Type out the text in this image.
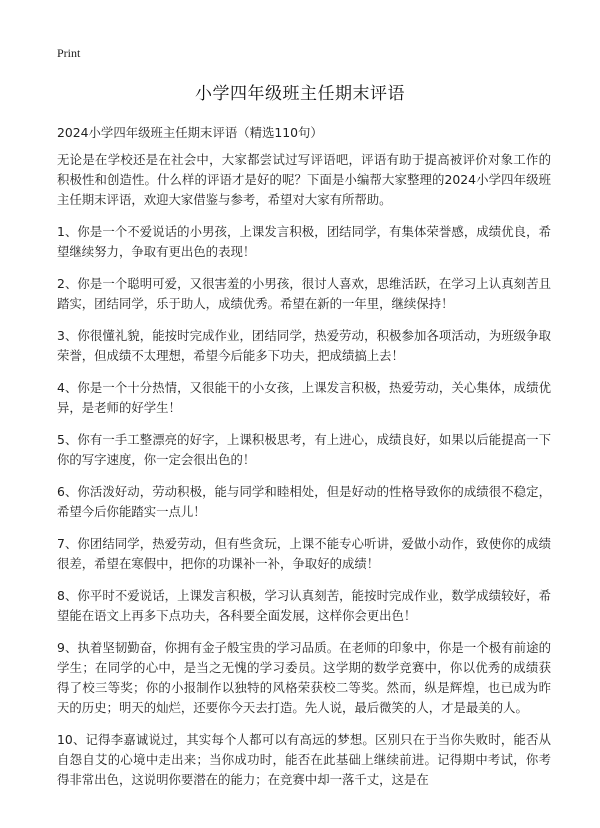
Print
小学四年级班主任期末评语
2024小学四年级班主任期末评语（精选110句）

无论是在学校还是在社会中，大家都尝试过写评语吧，评语有助于提高被评价对象工作的积极性和创造性。什么样的评语才是好的呢？下面是小编帮大家整理的2024小学四年级班主任期末评语，欢迎大家借鉴与参考，希望对大家有所帮助。

1、你是一个不爱说话的小男孩，上课发言积极，团结同学，有集体荣誉感，成绩优良，希望继续努力，争取有更出色的表现！

2、你是一个聪明可爱，又很害羞的小男孩，很讨人喜欢，思维活跃，在学习上认真刻苦且踏实，团结同学，乐于助人，成绩优秀。希望在新的一年里，继续保持！

3、你很懂礼貌，能按时完成作业，团结同学，热爱劳动，积极参加各项活动，为班级争取荣誉，但成绩不太理想，希望今后能多下功夫，把成绩搞上去！

4、你是一个十分热情，又很能干的小女孩，上课发言积极，热爱劳动，关心集体，成绩优异，是老师的好学生！

5、你有一手工整漂亮的好字，上课积极思考，有上进心，成绩良好，如果以后能提高一下你的写字速度，你一定会很出色的！

6、你活泼好动，劳动积极，能与同学和睦相处，但是好动的性格导致你的成绩很不稳定，希望今后你能踏实一点儿！

7、你团结同学，热爱劳动，但有些贪玩，上课不能专心听讲，爱做小动作，致使你的成绩很差，希望在寒假中，把你的功课补一补，争取好的成绩！

8、你平时不爱说话，上课发言积极，学习认真刻苦，能按时完成作业，数学成绩较好，希望能在语文上再多下点功夫，各科要全面发展，这样你会更出色！

9、执着坚韧勤奋，你拥有金子般宝贵的学习品质。在老师的印象中，你是一个极有前途的学生；在同学的心中，是当之无愧的学习委员。这学期的数学竞赛中，你以优秀的成绩获得了校三等奖；你的小报制作以独特的风格荣获校二等奖。然而，纵是辉煌，也已成为昨天的历史；明天的灿烂，还要你今天去打造。先人说，最后微笑的人，才是最美的人。

10、记得李嘉诚说过，其实每个人都可以有高远的梦想。区别只在于当你失败时，能否从自怨自艾的心境中走出来；当你成功时，能否在此基础上继续前进。记得期中考试，你考得非常出色，这说明你要潜在的能力；在竞赛中却一落千丈，这是在
